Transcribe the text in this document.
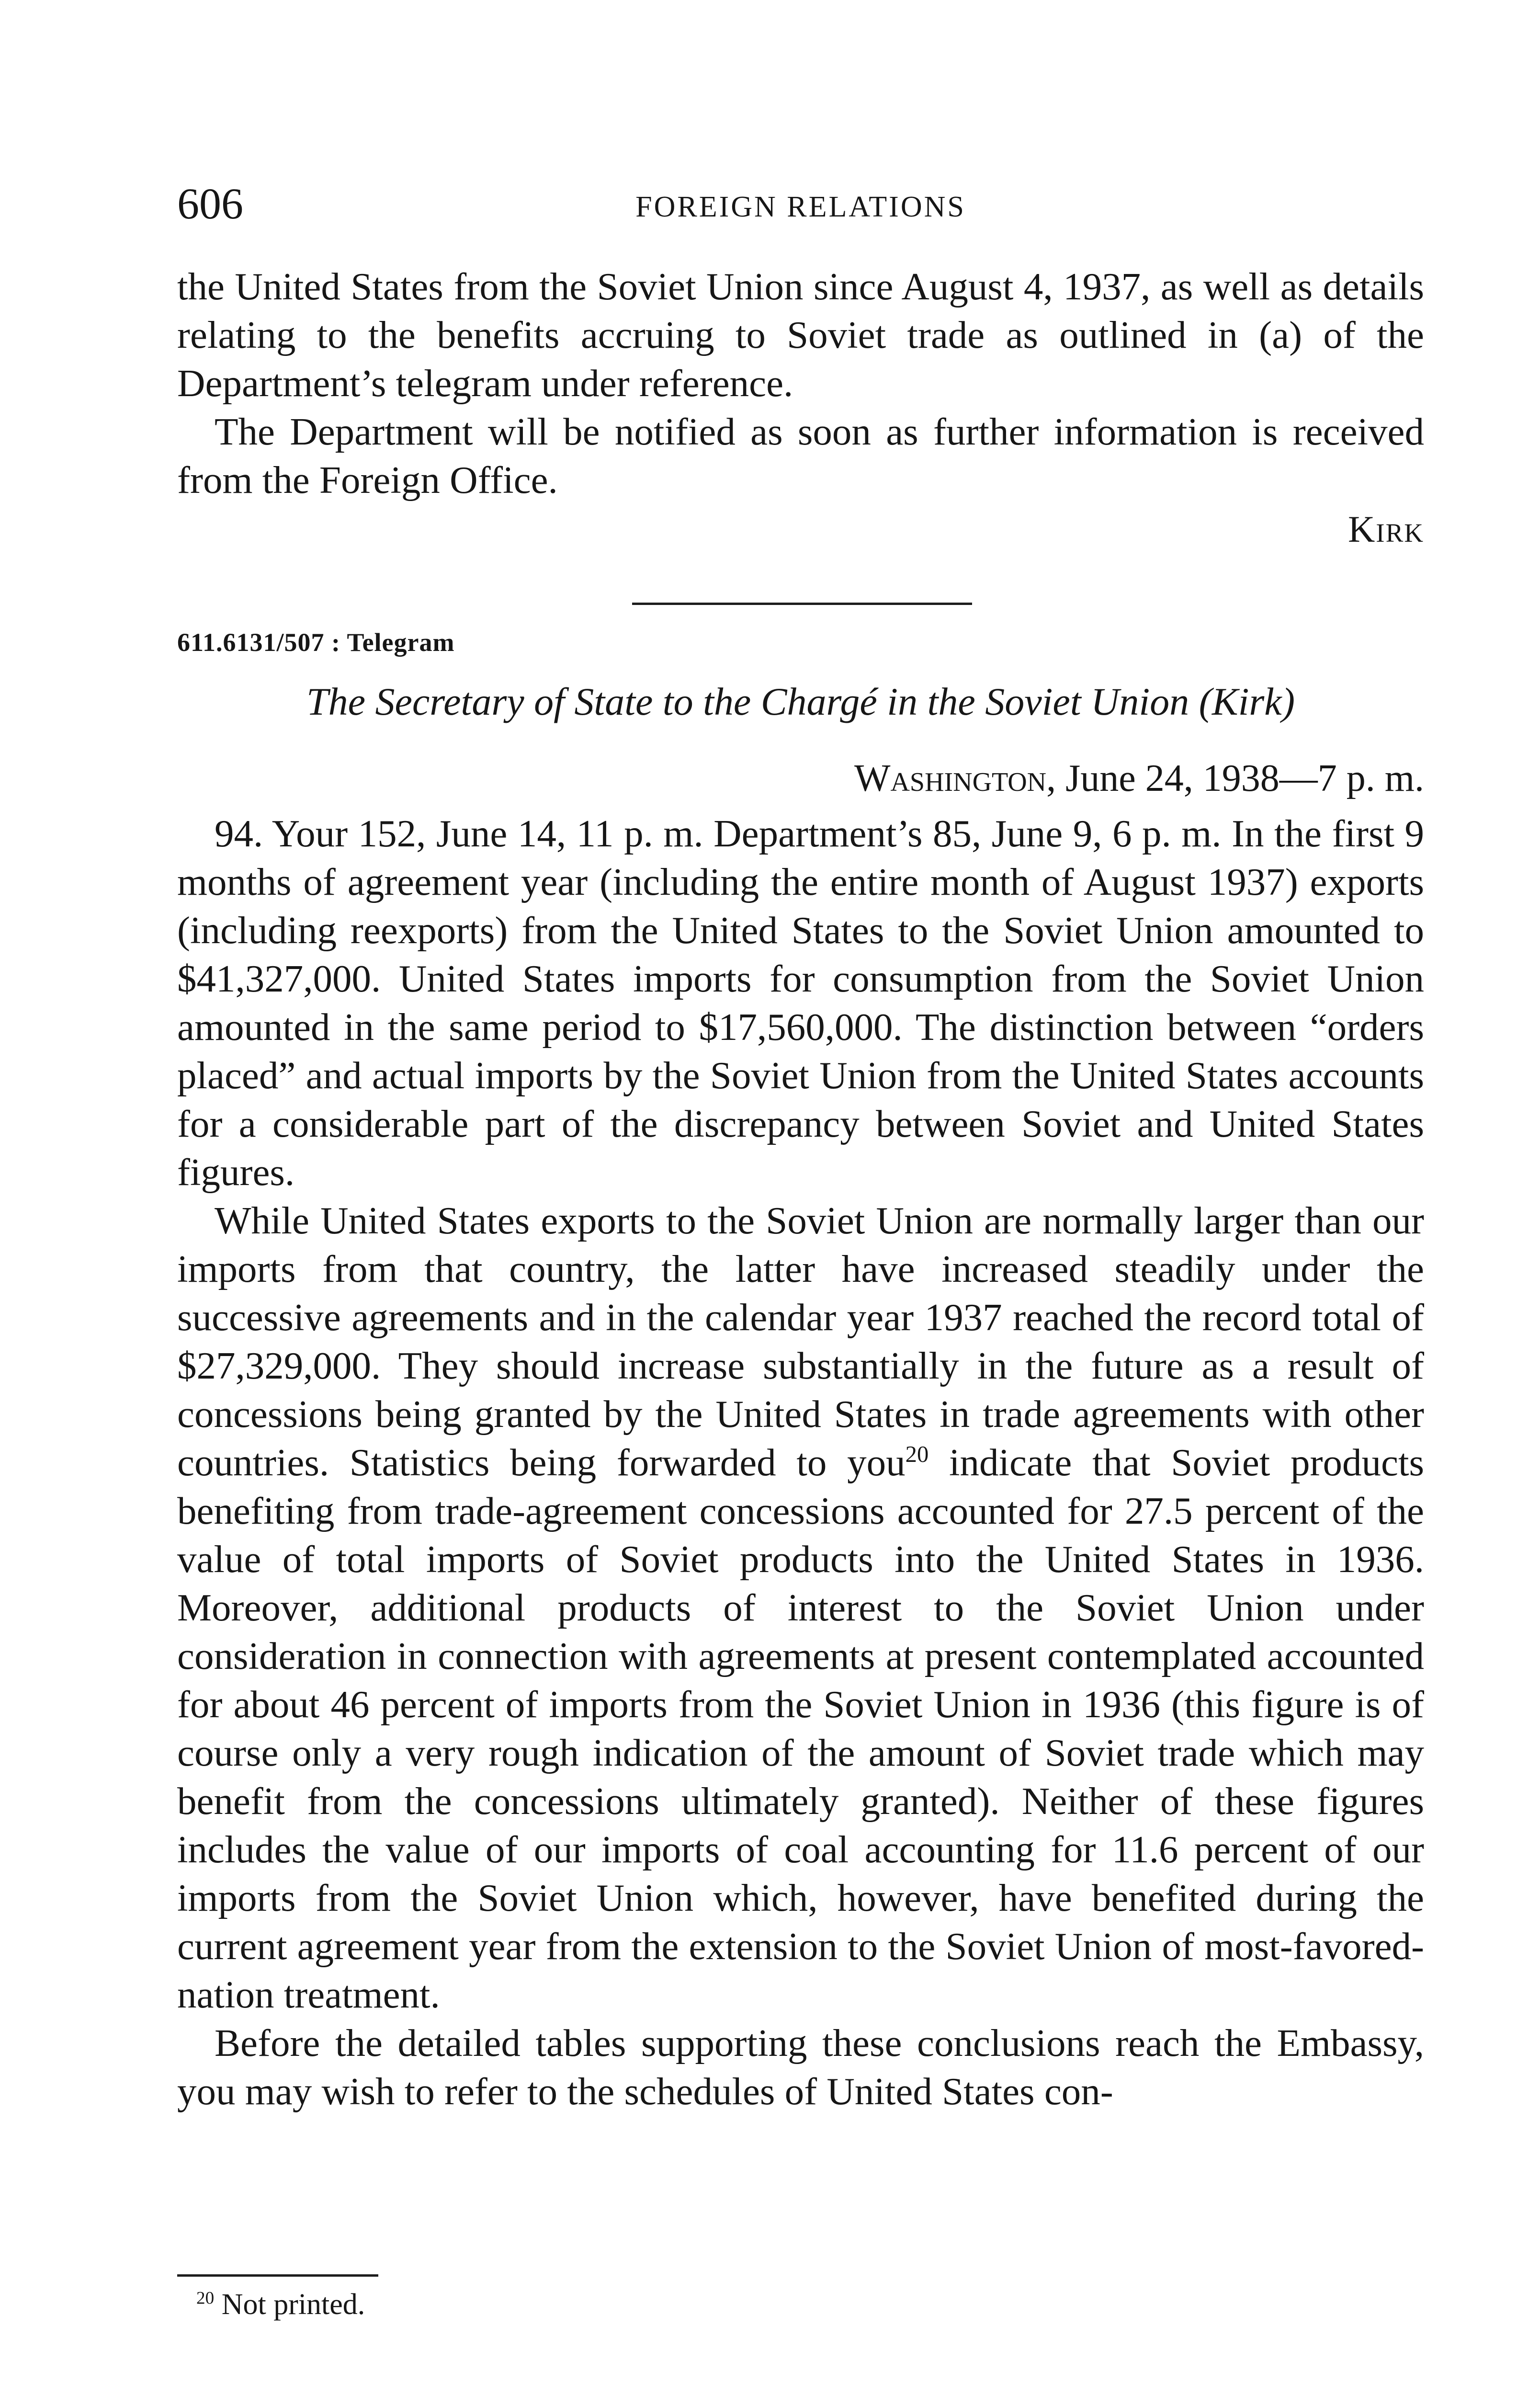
606	FOREIGN RELATIONS

the United States from the Soviet Union since August 4, 1937, as well as details relating to the benefits accruing to Soviet trade as outlined in (a) of the Department’s telegram under reference.

The Department will be notified as soon as further information is received from the Foreign Office.

Kirk
611.6131/507 : Telegram
The Secretary of State to the Chargé in the Soviet Union (Kirk)
Washington, June 24, 1938—7 p. m.

94. Your 152, June 14, 11 p. m. Department’s 85, June 9, 6 p. m. In the first 9 months of agreement year (including the entire month of August 1937) exports (including reexports) from the United States to the Soviet Union amounted to $41,327,000. United States imports for consumption from the Soviet Union amounted in the same period to $17,560,000. The distinction between “orders placed” and actual imports by the Soviet Union from the United States accounts for a considerable part of the discrepancy between Soviet and United States figures.

While United States exports to the Soviet Union are normally larger than our imports from that country, the latter have increased steadily under the successive agreements and in the calendar year 1937 reached the record total of $27,329,000. They should increase substantially in the future as a result of concessions being granted by the United States in trade agreements with other countries. Statistics being forwarded to you$^{20}$ indicate that Soviet products benefiting from trade-agreement concessions accounted for 27.5 percent of the value of total imports of Soviet products into the United States in 1936. Moreover, additional products of interest to the Soviet Union under consideration in connection with agreements at present contemplated accounted for about 46 percent of imports from the Soviet Union in 1936 (this figure is of course only a very rough indication of the amount of Soviet trade which may benefit from the concessions ultimately granted). Neither of these figures includes the value of our imports of coal accounting for 11.6 percent of our imports from the Soviet Union which, however, have benefited during the current agreement year from the extension to the Soviet Union of most-favored-nation treatment.

Before the detailed tables supporting these conclusions reach the Embassy, you may wish to refer to the schedules of United States con-

$^{20}$ Not printed.
